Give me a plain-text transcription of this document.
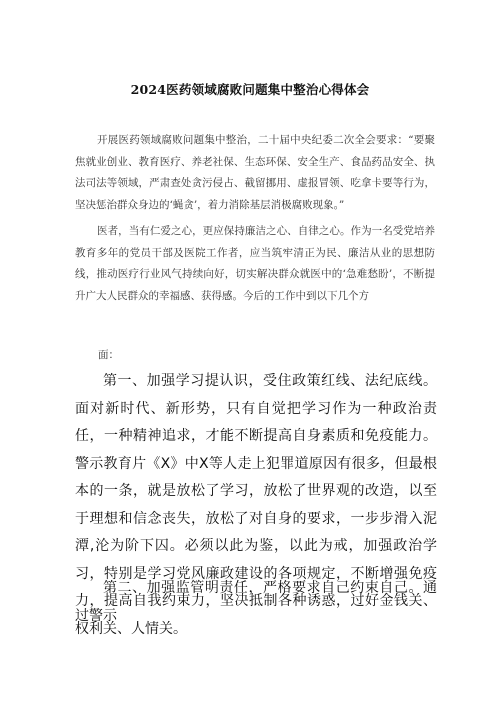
2024医药领域腐败问题集中整治心得体会

开展医药领域腐败问题集中整治，二十届中央纪委二次全会要求：“要聚焦就业创业、教育医疗、养老社保、生态环保、安全生产、食品药品安全、执法司法等领域，严肃查处贪污侵占、截留挪用、虚报冒领、吃拿卡要等行为，坚决惩治群众身边的‘蝇贪’，着力消除基层消极腐败现象。”

医者，当有仁爱之心，更应保持廉洁之心、自律之心。作为一名受党培养教育多年的党员干部及医院工作者，应当筑牢清正为民、廉洁从业的思想防线，推动医疗行业风气持续向好，切实解决群众就医中的‘急难愁盼’，不断提升广大人民群众的幸福感、获得感。今后的工作中到以下几个方

面：

第一、加强学习提认识，受住政策红线、法纪底线。面对新时代、新形势，只有自觉把学习作为一种政治责任，一种精神追求，才能不断提高自身素质和免疫能力。警示教育片《X》中X等人走上犯罪道原因有很多，但最根本的一条，就是放松了学习，放松了世界观的改造，以至于理想和信念丧失，放松了对自身的要求，一步步滑入泥潭,沦为阶下囚。必须以此为鉴，以此为戒，加强政治学习，特别是学习党风廉政建设的各项规定，不断增强免疫力，提高自我约束力，坚决抵制各种诱惑，过好金钱关、权利关、人情关。

第二、加强监管明责任，严格要求自己约束自己。通过警示
